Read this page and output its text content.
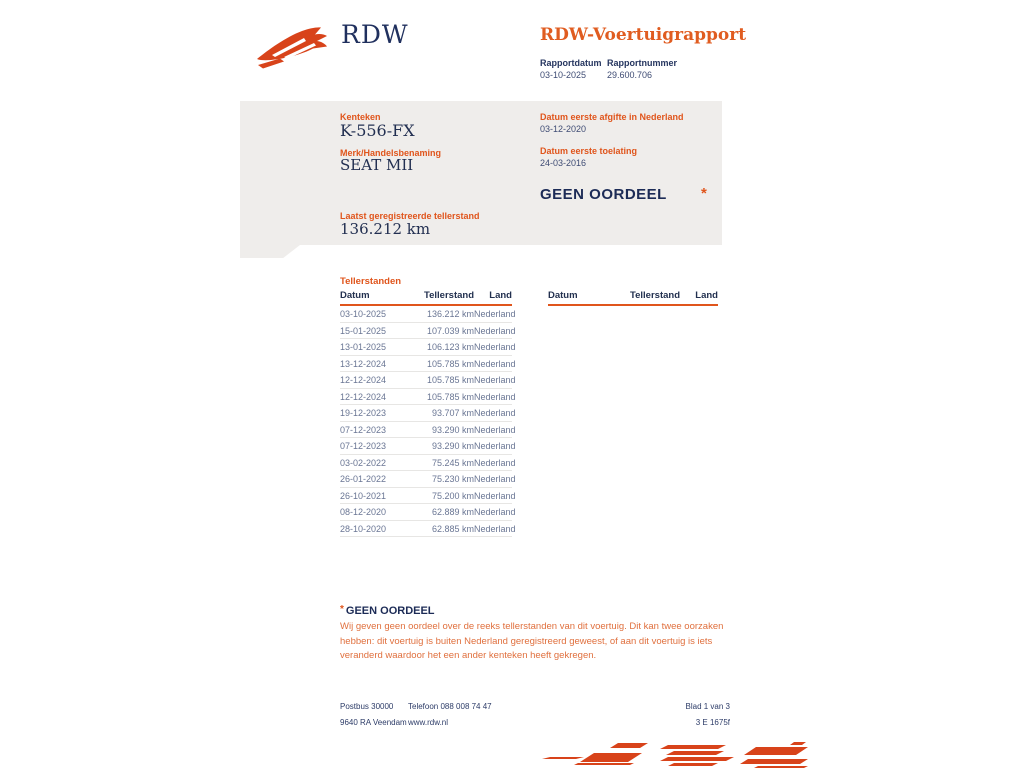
RDW	RDW-Voertuigrapport
Rapportdatum
03-10-2025
Rapportnummer
29.600.706
Kenteken
K-556-FX
Merk/Handelsbenaming
SEAT MII
Datum eerste afgifte in Nederland
03-12-2020
Datum eerste toelating
24-03-2016
GEEN OORDEEL *
Laatst geregistreerde tellerstand
136.212 km
Tellerstanden
Datum	Tellerstand	Land
03-10-2025	136.212 km	Nederland
15-01-2025	107.039 km	Nederland
13-01-2025	106.123 km	Nederland
13-12-2024	105.785 km	Nederland
12-12-2024	105.785 km	Nederland
12-12-2024	105.785 km	Nederland
19-12-2023	93.707 km	Nederland
07-12-2023	93.290 km	Nederland
07-12-2023	93.290 km	Nederland
03-02-2022	75.245 km	Nederland
26-01-2022	75.230 km	Nederland
26-10-2021	75.200 km	Nederland
08-12-2020	62.889 km	Nederland
28-10-2020	62.885 km	Nederland
Datum	Tellerstand	Land
* GEEN OORDEEL
Wij geven geen oordeel over de reeks tellerstanden van dit voertuig. Dit kan twee oorzaken hebben: dit voertuig is buiten Nederland geregistreerd geweest, of aan dit voertuig is iets veranderd waardoor het een ander kenteken heeft gekregen.
Postbus 30000
9640 RA Veendam
Telefoon 088 008 74 47
www.rdw.nl
Blad 1 van 3
3 E 1675f
